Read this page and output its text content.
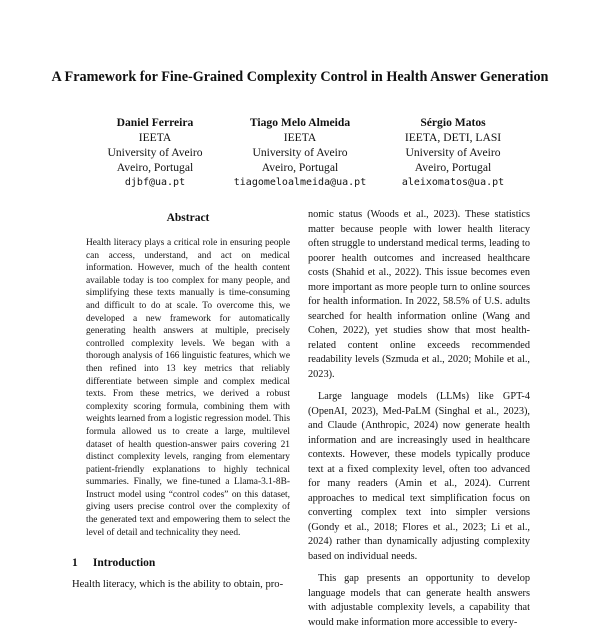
A Framework for Fine-Grained Complexity Control in Health Answer Generation
Daniel Ferreira
IEETA
University of Aveiro
Aveiro, Portugal
djbf@ua.pt
Tiago Melo Almeida
IEETA
University of Aveiro
Aveiro, Portugal
tiagomeloalmeida@ua.pt
Sérgio Matos
IEETA, DETI, LASI
University of Aveiro
Aveiro, Portugal
aleixomatos@ua.pt
Abstract
Health literacy plays a critical role in ensuring people can access, understand, and act on medical information. However, much of the health content available today is too complex for many people, and simplifying these texts manually is time-consuming and difficult to do at scale. To overcome this, we developed a new framework for automatically generating health answers at multiple, precisely controlled complexity levels. We began with a thorough analysis of 166 linguistic features, which we then refined into 13 key metrics that reliably differentiate between simple and complex medical texts. From these metrics, we derived a robust complexity scoring formula, combining them with weights learned from a logistic regression model. This formula allowed us to create a large, multilevel dataset of health question-answer pairs covering 21 distinct complexity levels, ranging from elementary patient-friendly explanations to highly technical summaries. Finally, we fine-tuned a Llama-3.1-8B-Instruct model using “control codes” on this dataset, giving users precise control over the complexity of the generated text and empowering them to select the level of detail and technicality they need.
1 Introduction
Health literacy, which is the ability to obtain, pro-

nomic status (Woods et al., 2023). These statistics matter because people with lower health literacy often struggle to understand medical terms, leading to poorer health outcomes and increased healthcare costs (Shahid et al., 2022). This issue becomes even more important as more people turn to online sources for health information. In 2022, 58.5% of U.S. adults searched for health information online (Wang and Cohen, 2022), yet studies show that most health-related content online exceeds recommended readability levels (Szmuda et al., 2020; Mohile et al., 2023).

Large language models (LLMs) like GPT-4 (OpenAI, 2023), Med-PaLM (Singhal et al., 2023), and Claude (Anthropic, 2024) now generate health information and are increasingly used in healthcare contexts. However, these models typically produce text at a fixed complexity level, often too advanced for many readers (Amin et al., 2024). Current approaches to medical text simplification focus on converting complex text into simpler versions (Gondy et al., 2018; Flores et al., 2023; Li et al., 2024) rather than dynamically adjusting complexity based on individual needs.

This gap presents an opportunity to develop language models that can generate health answers with adjustable complexity levels, a capability that would make information more accessible to every-
